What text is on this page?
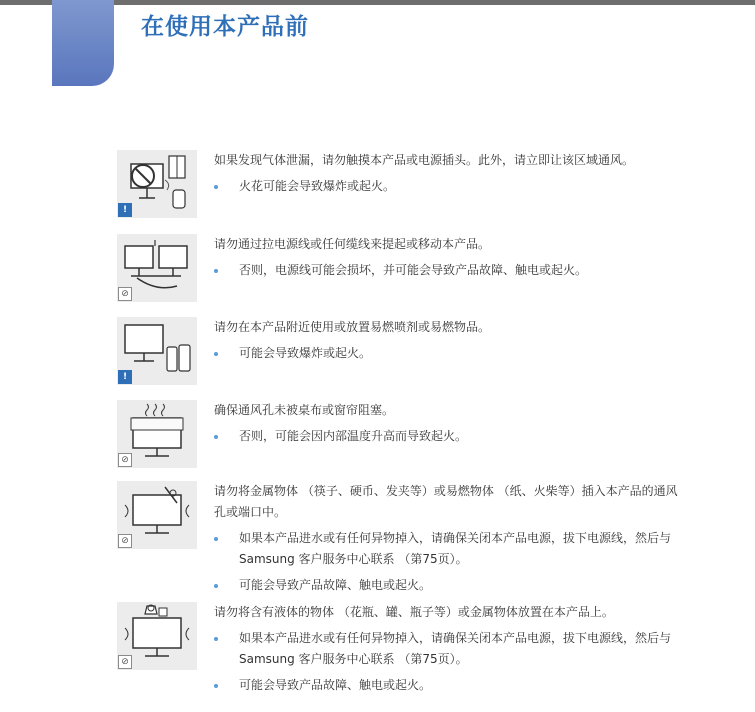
在使用本产品前
!

如果发现气体泄漏，请勿触摸本产品或电源插头。此外，请立即让该区域通风。

火花可能会导致爆炸或起火。
⊘

请勿通过拉电源线或任何缆线来提起或移动本产品。

否则，电源线可能会损坏，并可能会导致产品故障、触电或起火。
!

请勿在本产品附近使用或放置易燃喷剂或易燃物品。

可能会导致爆炸或起火。
⊘

确保通风孔未被桌布或窗帘阻塞。

否则，可能会因内部温度升高而导致起火。
⊘

请勿将金属物体 （筷子、硬币、发夹等）或易燃物体 （纸、火柴等）插入本产品的通风孔或端口中。

如果本产品进水或有任何异物掉入，请确保关闭本产品电源，拔下电源线，然后与 Samsung 客户服务中心联系 （第75页）。
可能会导致产品故障、触电或起火。
⊘

请勿将含有液体的物体 （花瓶、罐、瓶子等）或金属物体放置在本产品上。

如果本产品进水或有任何异物掉入，请确保关闭本产品电源，拔下电源线，然后与 Samsung 客户服务中心联系 （第75页）。
可能会导致产品故障、触电或起火。
